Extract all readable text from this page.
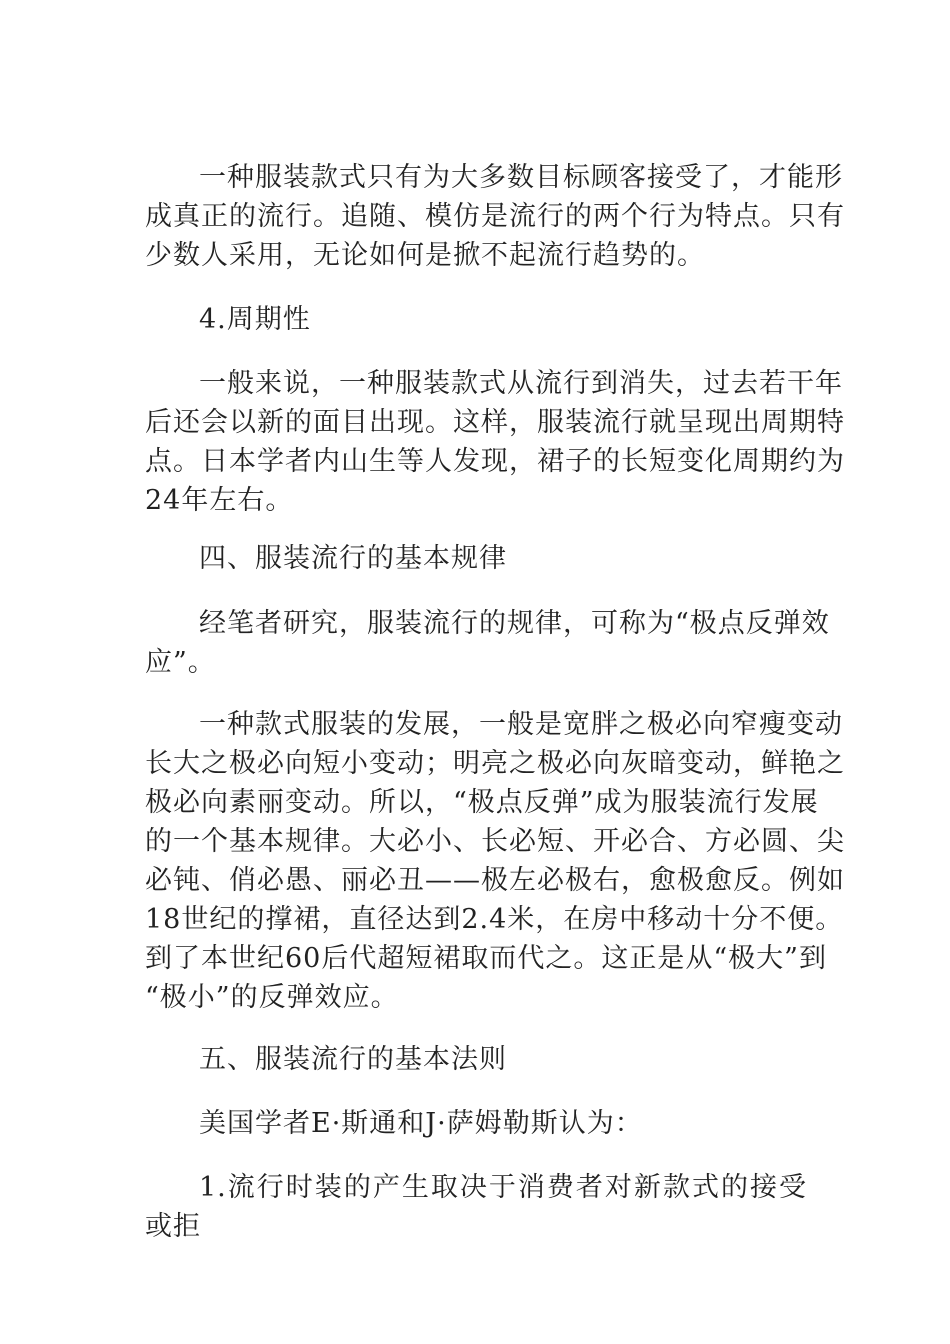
一种服装款式只有为大多数目标顾客接受了，才能形
成真正的流行。追随、模仿是流行的两个行为特点。只有
少数人采用，无论如何是掀不起流行趋势的。
4.周期性
一般来说，一种服装款式从流行到消失，过去若干年
后还会以新的面目出现。这样，服装流行就呈现出周期特
点。日本学者内山生等人发现，裙子的长短变化周期约为
24年左右。
四、服装流行的基本规律
经笔者研究，服装流行的规律，可称为“极点反弹效
应”。
一种款式服装的发展，一般是宽胖之极必向窄瘦变动
长大之极必向短小变动；明亮之极必向灰暗变动，鲜艳之
极必向素丽变动。所以，“极点反弹”成为服装流行发展
的一个基本规律。大必小、长必短、开必合、方必圆、尖
必钝、俏必愚、丽必丑——极左必极右，愈极愈反。例如
18世纪的撑裙，直径达到2.4米，在房中移动十分不便。
到了本世纪60后代超短裙取而代之。这正是从“极大”到
“极小”的反弹效应。
五、服装流行的基本法则
美国学者E·斯通和J·萨姆勒斯认为：
1.流行时装的产生取决于消费者对新款式的接受或拒
